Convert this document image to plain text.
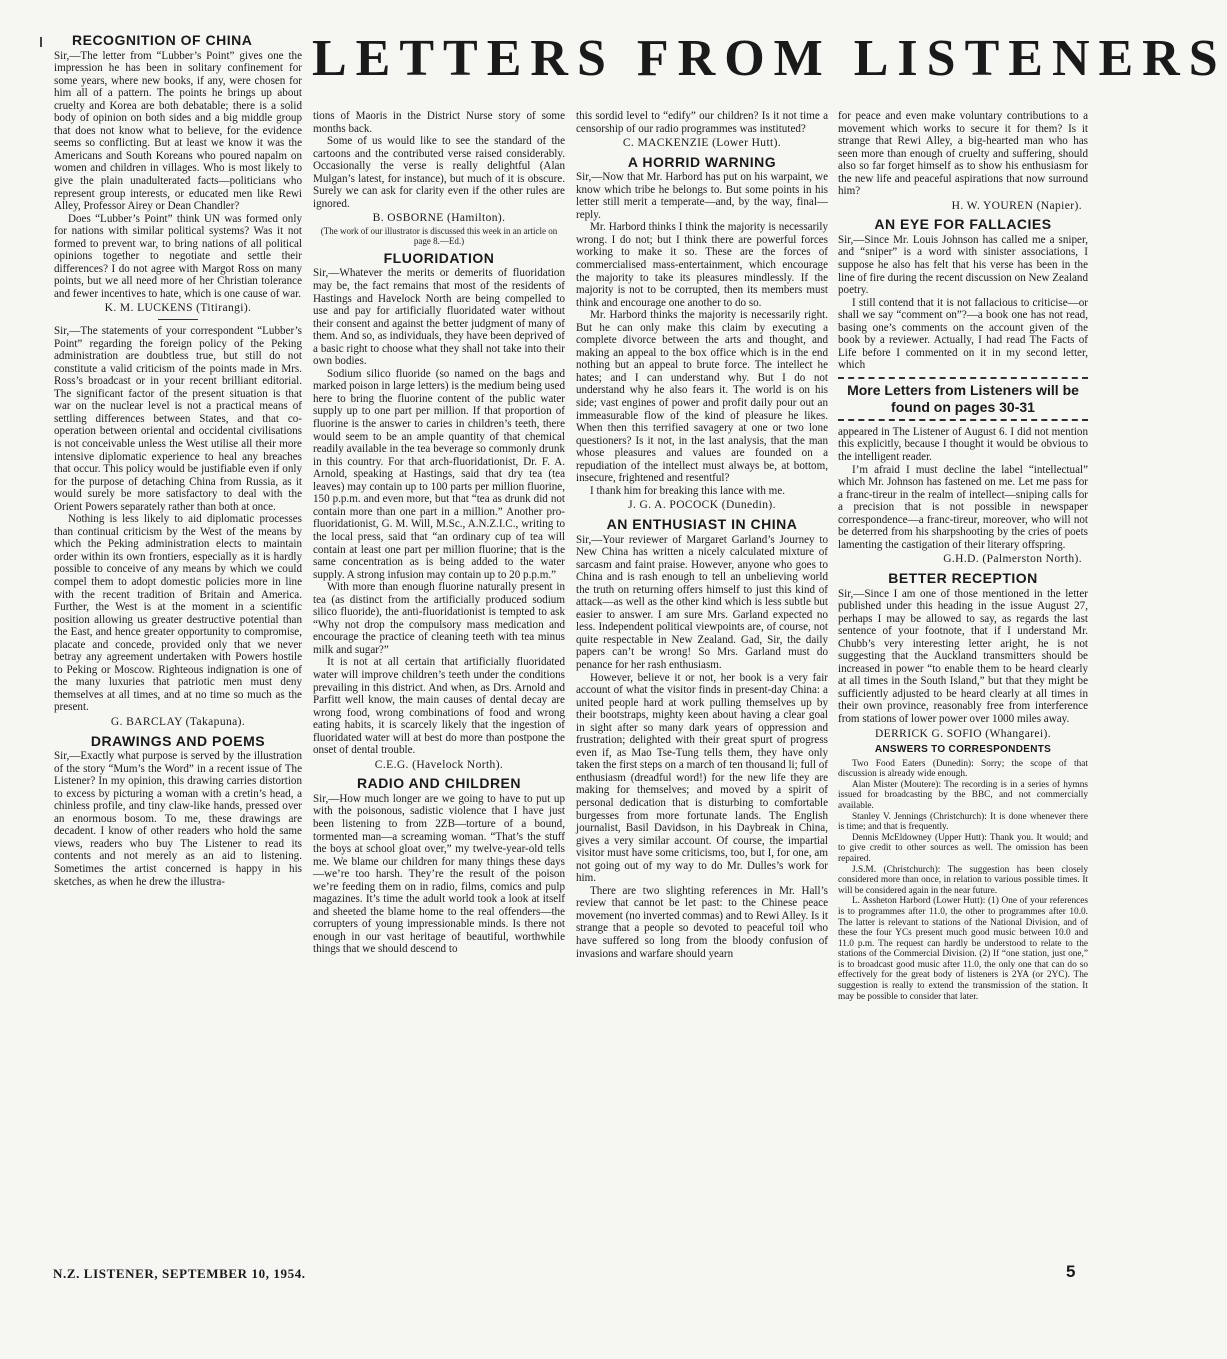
LETTERS FROM LISTENERS
RECOGNITION OF CHINA

Sir,—The letter from “Lubber’s Point” gives one the impression he has been in solitary confinement for some years, where new books, if any, were chosen for him all of a pattern. The points he brings up about cruelty and Korea are both debatable; there is a solid body of opinion on both sides and a big middle group that does not know what to believe, for the evidence seems so conflicting. But at least we know it was the Americans and South Koreans who poured napalm on women and children in villages. Who is most likely to give the plain unadulterated facts—politicians who represent group interests, or educated men like Rewi Alley, Professor Airey or Dean Chandler?

Does “Lubber’s Point” think UN was formed only for nations with similar political systems? Was it not formed to prevent war, to bring nations of all political opinions together to negotiate and settle their differences? I do not agree with Margot Ross on many points, but we all need more of her Christian tolerance and fewer incentives to hate, which is one cause of war.

K. M. LUCKENS (Titirangi).

Sir,—The statements of your correspondent “Lubber’s Point” regarding the foreign policy of the Peking administration are doubtless true, but still do not constitute a valid criticism of the points made in Mrs. Ross’s broadcast or in your recent brilliant editorial. The significant factor of the present situation is that war on the nuclear level is not a practical means of settling differences between States, and that co-operation between oriental and occidental civilisations is not conceivable unless the West utilise all their more intensive diplomatic experience to heal any breaches that occur. This policy would be justifiable even if only for the purpose of detaching China from Russia, as it would surely be more satisfactory to deal with the Orient Powers separately rather than both at once.

Nothing is less likely to aid diplomatic processes than continual criticism by the West of the means by which the Peking administration elects to maintain order within its own frontiers, especially as it is hardly possible to conceive of any means by which we could compel them to adopt domestic policies more in line with the recent tradition of Britain and America. Further, the West is at the moment in a scientific position allowing us greater destructive potential than the East, and hence greater opportunity to compromise, placate and concede, provided only that we never betray any agreement undertaken with Powers hostile to Peking or Moscow. Righteous indignation is one of the many luxuries that patriotic men must deny themselves at all times, and at no time so much as the present.

G. BARCLAY (Takapuna).
DRAWINGS AND POEMS

Sir,—Exactly what purpose is served by the illustration of the story “Mum’s the Word” in a recent issue of The Listener? In my opinion, this drawing carries distortion to excess by picturing a woman with a cretin’s head, a chinless profile, and tiny claw-like hands, pressed over an enormous bosom. To me, these drawings are decadent. I know of other readers who hold the same views, readers who buy The Listener to read its contents and not merely as an aid to listening. Sometimes the artist concerned is happy in his sketches, as when he drew the illustra-

tions of Maoris in the District Nurse story of some months back.

Some of us would like to see the standard of the cartoons and the contributed verse raised considerably. Occasionally the verse is really delightful (Alan Mulgan’s latest, for instance), but much of it is obscure. Surely we can ask for clarity even if the other rules are ignored.

B. OSBORNE (Hamilton).
(The work of our illustrator is discussed this week in an article on page 8.—Ed.)
FLUORIDATION

Sir,—Whatever the merits or demerits of fluoridation may be, the fact remains that most of the residents of Hastings and Havelock North are being compelled to use and pay for artificially fluoridated water without their consent and against the better judgment of many of them. And so, as individuals, they have been deprived of a basic right to choose what they shall not take into their own bodies.

Sodium silico fluoride (so named on the bags and marked poison in large letters) is the medium being used here to bring the fluorine content of the public water supply up to one part per million. If that proportion of fluorine is the answer to caries in children’s teeth, there would seem to be an ample quantity of that chemical readily available in the tea beverage so commonly drunk in this country. For that arch-fluoridationist, Dr. F. A. Arnold, speaking at Hastings, said that dry tea (tea leaves) may contain up to 100 parts per million fluorine, 150 p.p.m. and even more, but that “tea as drunk did not contain more than one part in a million.” Another pro-fluoridationist, G. M. Will, M.Sc., A.N.Z.I.C., writing to the local press, said that “an ordinary cup of tea will contain at least one part per million fluorine; that is the same concentration as is being added to the water supply. A strong infusion may contain up to 20 p.p.m.”

With more than enough fluorine naturally present in tea (as distinct from the artificially produced sodium silico fluoride), the anti-fluoridationist is tempted to ask “Why not drop the compulsory mass medication and encourage the practice of cleaning teeth with tea minus milk and sugar?”

It is not at all certain that artificially fluoridated water will improve children’s teeth under the conditions prevailing in this district. And when, as Drs. Arnold and Parfitt well know, the main causes of dental decay are wrong food, wrong combinations of food and wrong eating habits, it is scarcely likely that the ingestion of fluoridated water will at best do more than postpone the onset of dental trouble.

C.E.G. (Havelock North).
RADIO AND CHILDREN

Sir,—How much longer are we going to have to put up with the poisonous, sadistic violence that I have just been listening to from 2ZB—torture of a bound, tormented man—a screaming woman. “That’s the stuff the boys at school gloat over,” my twelve-year-old tells me. We blame our children for many things these days—we’re too harsh. They’re the result of the poison we’re feeding them on in radio, films, comics and pulp magazines. It’s time the adult world took a look at itself and sheeted the blame home to the real offenders—the corrupters of young impressionable minds. Is there not enough in our vast heritage of beautiful, worthwhile things that we should descend to

this sordid level to “edify” our children? Is it not time a censorship of our radio programmes was instituted?

C. MACKENZIE (Lower Hutt).
A HORRID WARNING

Sir,—Now that Mr. Harbord has put on his warpaint, we know which tribe he belongs to. But some points in his letter still merit a temperate—and, by the way, final—reply.

Mr. Harbord thinks I think the majority is necessarily wrong. I do not; but I think there are powerful forces working to make it so. These are the forces of commercialised mass-entertainment, which encourage the majority to take its pleasures mindlessly. If the majority is not to be corrupted, then its members must think and encourage one another to do so.

Mr. Harbord thinks the majority is necessarily right. But he can only make this claim by executing a complete divorce between the arts and thought, and making an appeal to the box office which is in the end nothing but an appeal to brute force. The intellect he hates; and I can understand why. But I do not understand why he also fears it. The world is on his side; vast engines of power and profit daily pour out an immeasurable flow of the kind of pleasure he likes. When then this terrified savagery at one or two lone questioners? Is it not, in the last analysis, that the man whose pleasures and values are founded on a repudiation of the intellect must always be, at bottom, insecure, frightened and resentful?

I thank him for breaking this lance with me.

J. G. A. POCOCK (Dunedin).
AN ENTHUSIAST IN CHINA

Sir,—Your reviewer of Margaret Garland’s Journey to New China has written a nicely calculated mixture of sarcasm and faint praise. However, anyone who goes to China and is rash enough to tell an unbelieving world the truth on returning offers himself to just this kind of attack—as well as the other kind which is less subtle but easier to answer. I am sure Mrs. Garland expected no less. Independent political viewpoints are, of course, not quite respectable in New Zealand. Gad, Sir, the daily papers can’t be wrong! So Mrs. Garland must do penance for her rash enthusiasm.

However, believe it or not, her book is a very fair account of what the visitor finds in present-day China: a united people hard at work pulling themselves up by their bootstraps, mighty keen about having a clear goal in sight after so many dark years of oppression and frustration; delighted with their great spurt of progress even if, as Mao Tse-Tung tells them, they have only taken the first steps on a march of ten thousand li; full of enthusiasm (dreadful word!) for the new life they are making for themselves; and moved by a spirit of personal dedication that is disturbing to comfortable burgesses from more fortunate lands. The English journalist, Basil Davidson, in his Daybreak in China, gives a very similar account. Of course, the impartial visitor must have some criticisms, too, but I, for one, am not going out of my way to do Mr. Dulles’s work for him.

There are two slighting references in Mr. Hall’s review that cannot be let past: to the Chinese peace movement (no inverted commas) and to Rewi Alley. Is it strange that a people so devoted to peaceful toil who have suffered so long from the bloody confusion of invasions and warfare should yearn

for peace and even make voluntary contributions to a movement which works to secure it for them? Is it strange that Rewi Alley, a big-hearted man who has seen more than enough of cruelty and suffering, should also so far forget himself as to show his enthusiasm for the new life and peaceful aspirations that now surround him?

H. W. YOUREN (Napier).
AN EYE FOR FALLACIES

Sir,—Since Mr. Louis Johnson has called me a sniper, and “sniper” is a word with sinister associations, I suppose he also has felt that his verse has been in the line of fire during the recent discussion on New Zealand poetry.

I still contend that it is not fallacious to criticise—or shall we say “comment on”?—a book one has not read, basing one’s comments on the account given of the book by a reviewer. Actually, I had read The Facts of Life before I commented on it in my second letter, which

More Letters from Listeners will be found on pages 30-31

appeared in The Listener of August 6. I did not mention this explicitly, because I thought it would be obvious to the intelligent reader.

I’m afraid I must decline the label “intellectual” which Mr. Johnson has fastened on me. Let me pass for a franc-tireur in the realm of intellect—sniping calls for a precision that is not possible in newspaper correspondence—a franc-tireur, moreover, who will not be deterred from his sharpshooting by the cries of poets lamenting the castigation of their literary offspring.

G.H.D. (Palmerston North).
BETTER RECEPTION

Sir,—Since I am one of those mentioned in the letter published under this heading in the issue August 27, perhaps I may be allowed to say, as regards the last sentence of your footnote, that if I understand Mr. Chubb’s very interesting letter aright, he is not suggesting that the Auckland transmitters should be increased in power “to enable them to be heard clearly at all times in the South Island,” but that they might be sufficiently adjusted to be heard clearly at all times in their own province, reasonably free from interference from stations of lower power over 1000 miles away.

DERRICK G. SOFIO (Whangarei).
ANSWERS TO CORRESPONDENTS

Two Food Eaters (Dunedin): Sorry; the scope of that discussion is already wide enough.

Alan Mister (Moutere): The recording is in a series of hymns issued for broadcasting by the BBC, and not commercially available.

Stanley V. Jennings (Christchurch): It is done whenever there is time; and that is frequently.

Dennis McEldowney (Upper Hutt): Thank you. It would; and to give credit to other sources as well. The omission has been repaired.

J.S.M. (Christchurch): The suggestion has been closely considered more than once, in relation to various possible times. It will be considered again in the near future.

L. Assheton Harbord (Lower Hutt): (1) One of your references is to programmes after 11.0, the other to programmes after 10.0. The latter is relevant to stations of the National Division, and of these the four YCs present much good music between 10.0 and 11.0 p.m. The request can hardly be understood to relate to the stations of the Commercial Division. (2) If “one station, just one,” is to broadcast good music after 11.0, the only one that can do so effectively for the great body of listeners is 2YA (or 2YC). The suggestion is really to extend the transmission of the station. It may be possible to consider that later.

N.Z. LISTENER, SEPTEMBER 10, 1954.	5
